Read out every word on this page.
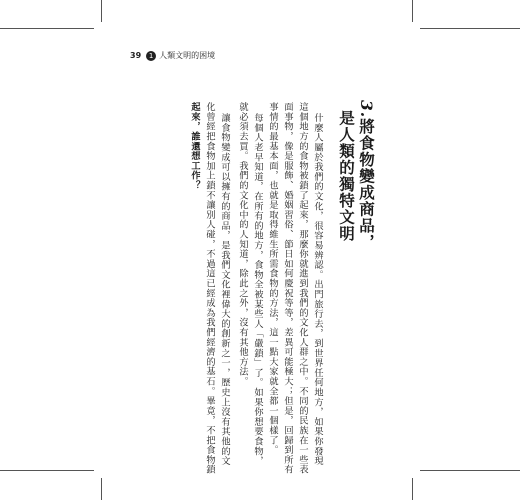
39	1 人類文明的困境
3.將食物變成商品，
是人類的獨特文明
什麼人屬於我們的文化，很容易辨認。出門旅行去，到世界任何地方，如果你發現
這個地方的食物被鎖了起來，那麼你就進到我們的文化人群之中。不同的民族在一些表
面事物，像是服飾、婚姻習俗、節日如何慶祝等等，差異可能極大；但是，回歸到所有
事情的最基本面，也就是取得維生所需食物的方法，這一點大家就全都一個樣了。
每個人老早知道，在所有的地方，食物全被某些人「嚴鎖」了。如果你想要食物，
就必須去買。我們的文化中的人知道，除此之外，沒有其他方法。
讓食物變成可以擁有的商品，是我們文化裡偉大的創新之一，歷史上沒有其他的文
化曾經把食物加上鎖不讓別人碰，不過這已經成為我們經濟的基石。畢竟，不把食物鎖
起來，誰還想工作？
